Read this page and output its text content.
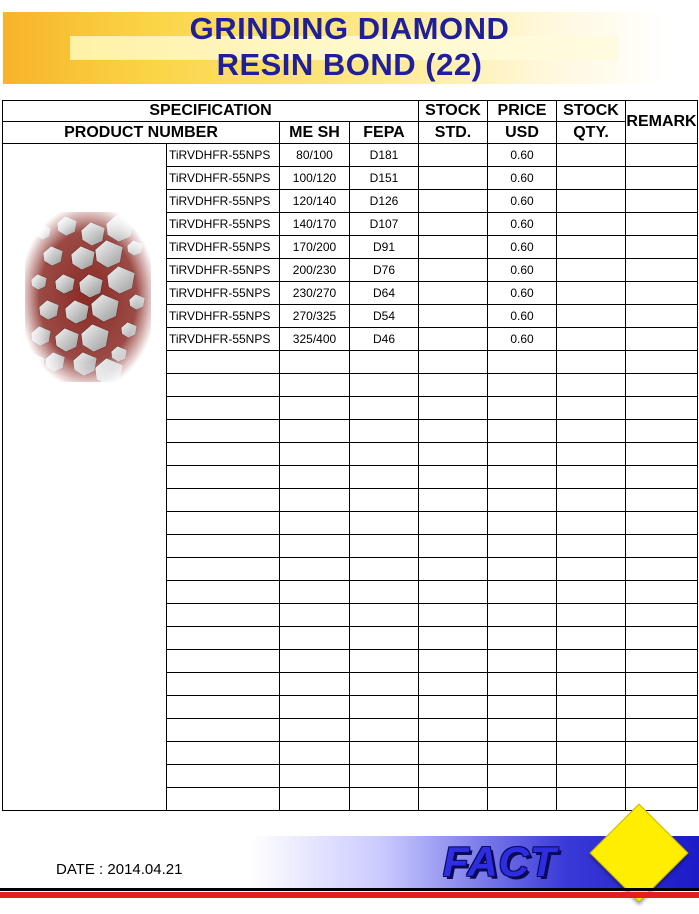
GRINDING DIAMOND
RESIN BOND (22)
SPECIFICATION				STOCK	PRICE	STOCK	REMARK
PRODUCT NUMBER		ME SH	FEPA	STD.	USD	QTY.	

	TiRVDHFR-55NPS	80/100	D181		0.60		
	TiRVDHFR-55NPS	100/120	D151		0.60		
	TiRVDHFR-55NPS	120/140	D126		0.60		
	TiRVDHFR-55NPS	140/170	D107		0.60		
	TiRVDHFR-55NPS	170/200	D91		0.60		
	TiRVDHFR-55NPS	200/230	D76		0.60		
	TiRVDHFR-55NPS	230/270	D64		0.60		
	TiRVDHFR-55NPS	270/325	D54		0.60		
	TiRVDHFR-55NPS	325/400	D46		0.60		

FACT
DATE : 2014.04.21
